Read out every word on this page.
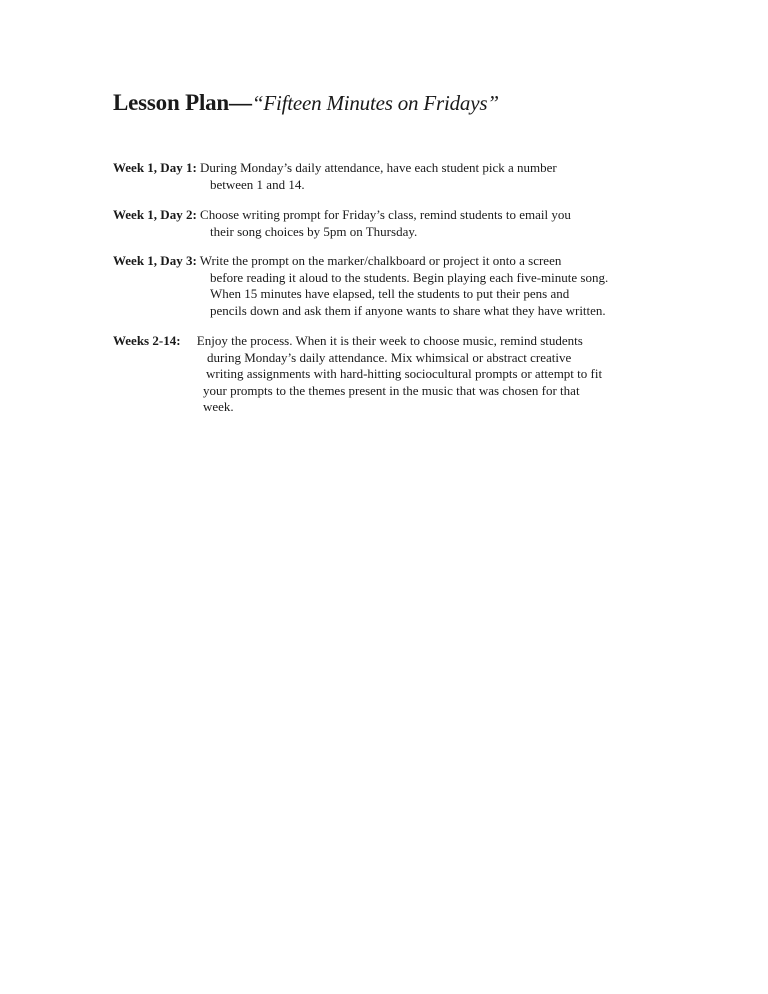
Lesson Plan—“Fifteen Minutes on Fridays”
Week 1, Day 1: During Monday’s daily attendance, have each student pick a number
between 1 and 14.
Week 1, Day 2: Choose writing prompt for Friday’s class, remind students to email you
their song choices by 5pm on Thursday.
Week 1, Day 3: Write the prompt on the marker/chalkboard or project it onto a screen
before reading it aloud to the students. Begin playing each five-minute song.
When 15 minutes have elapsed, tell the students to put their pens and
pencils down and ask them if anyone wants to share what they have written.
Weeks 2-14: Enjoy the process. When it is their week to choose music, remind students
during Monday’s daily attendance. Mix whimsical or abstract creative
writing assignments with hard-hitting sociocultural prompts or attempt to fit
your prompts to the themes present in the music that was chosen for that
week.
